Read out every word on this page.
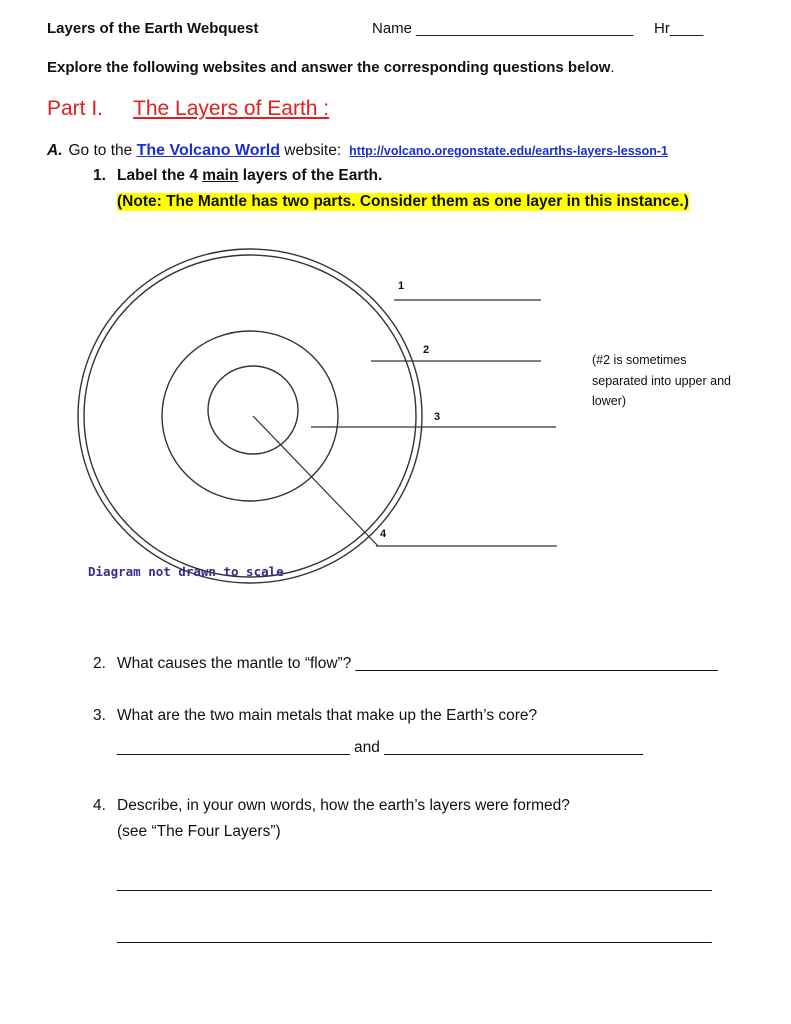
Layers of the Earth Webquest	Name __________________________ Hr____
Explore the following websites and answer the corresponding questions below.
Part I. The Layers of Earth :
A. Go to the The Volcano World website: http://volcano.oregonstate.edu/earths-layers-lesson-1
1. Label the 4 main layers of the Earth.
(Note: The Mantle has two parts. Consider them as one layer in this instance.)
1
2
3
4
Diagram not drawn to scale
(#2 is sometimes
separated into upper and
lower)
2. What causes the mantle to “flow”? __________________________________________
3. What are the two main metals that make up the Earth’s core?
___________________________ and ______________________________
4. Describe, in your own words, how the earth’s layers were formed?
(see “The Four Layers”)
_____________________________________________________________________
_____________________________________________________________________
